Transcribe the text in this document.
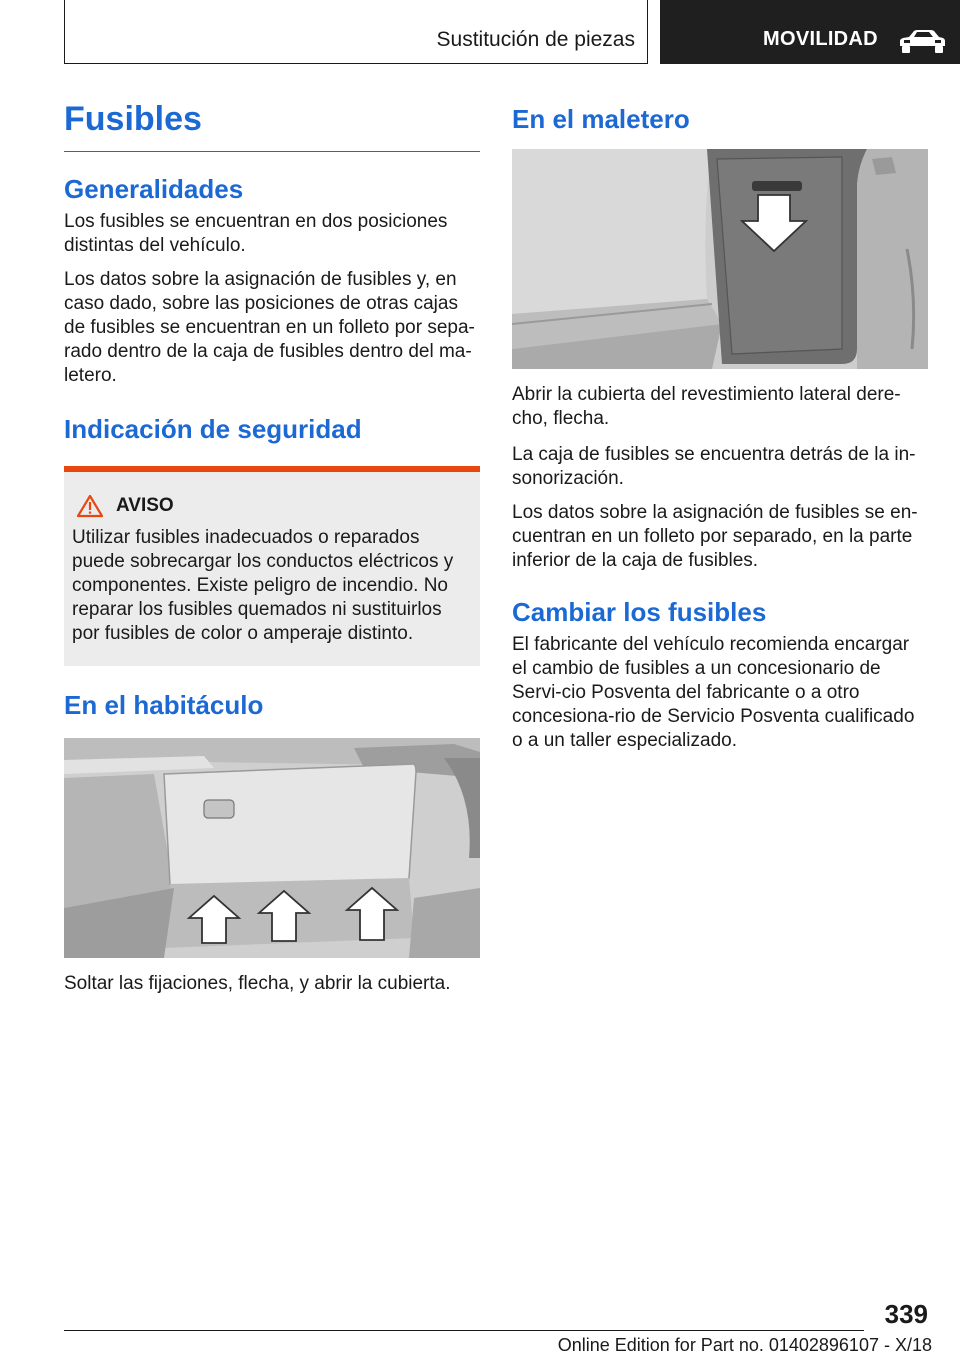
Sustitución de piezas	MOVILIDAD
Fusibles
Generalidades

Los fusibles se encuentran en dos posiciones distintas del vehículo.

Los datos sobre la asignación de fusibles y, en caso dado, sobre las posiciones de otras cajas de fusibles se encuentran en un folleto por sepa-rado dentro de la caja de fusibles dentro del ma-letero.

Indicación de seguridad
AVISO

Utilizar fusibles inadecuados o reparados puede sobrecargar los conductos eléctricos y componentes. Existe peligro de incendio. No reparar los fusibles quemados ni sustituirlos por fusibles de color o amperaje distinto.

En el habitáculo

Soltar las fijaciones, flecha, y abrir la cubierta.

En el maletero

Abrir la cubierta del revestimiento lateral dere-cho, flecha.

La caja de fusibles se encuentra detrás de la in-sonorización.

Los datos sobre la asignación de fusibles se en-cuentran en un folleto por separado, en la parte inferior de la caja de fusibles.

Cambiar los fusibles

El fabricante del vehículo recomienda encargar el cambio de fusibles a un concesionario de Servi-cio Posventa del fabricante o a otro concesiona-rio de Servicio Posventa cualificado o a un taller especializado.

339
Online Edition for Part no. 01402896107 - X/18
